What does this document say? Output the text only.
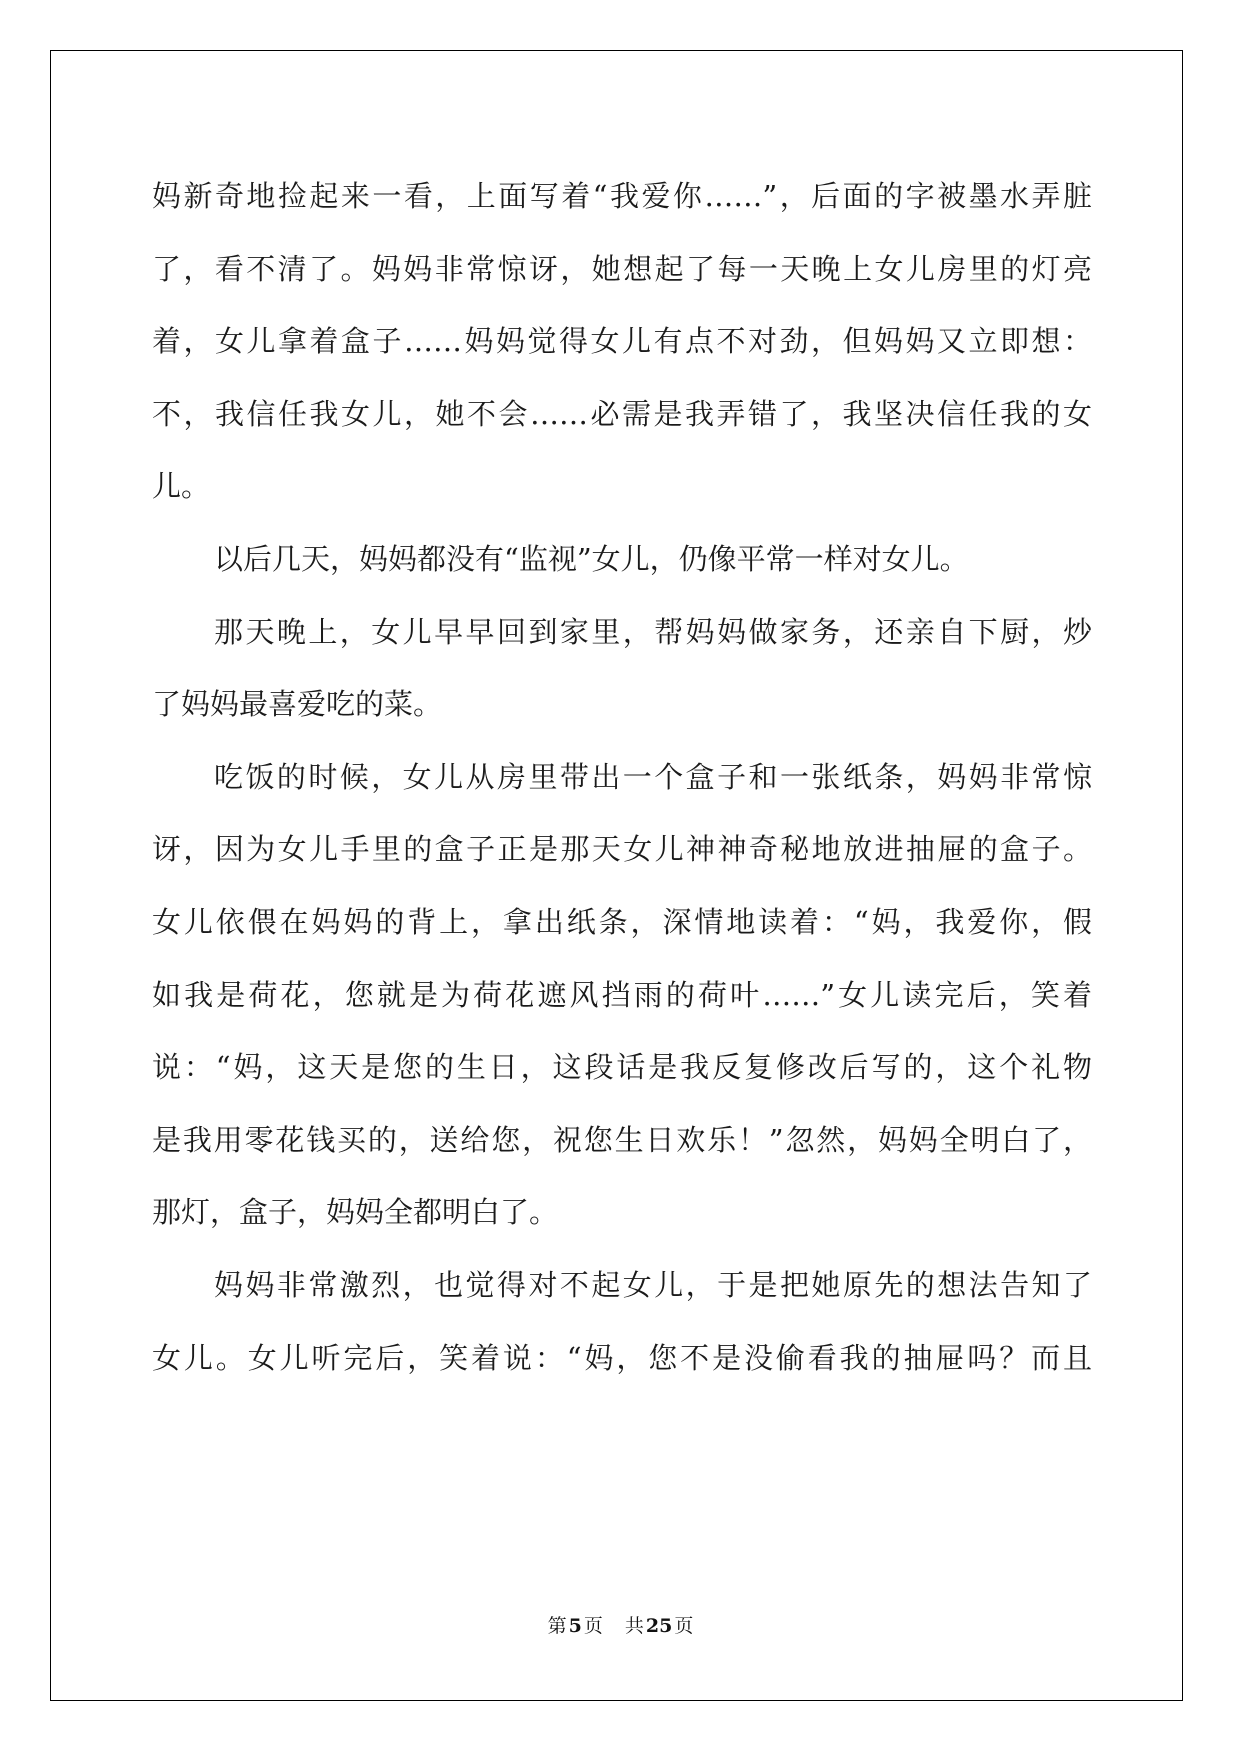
妈新奇地捡起来一看，上面写着“我爱你……”，后面的字被墨水弄脏
了，看不清了。妈妈非常惊讶，她想起了每一天晚上女儿房里的灯亮
着，女儿拿着盒子……妈妈觉得女儿有点不对劲，但妈妈又立即想：
不，我信任我女儿，她不会……必需是我弄错了，我坚决信任我的女
儿。
以后几天，妈妈都没有“监视”女儿，仍像平常一样对女儿。
那天晚上，女儿早早回到家里，帮妈妈做家务，还亲自下厨，炒
了妈妈最喜爱吃的菜。
吃饭的时候，女儿从房里带出一个盒子和一张纸条，妈妈非常惊
讶，因为女儿手里的盒子正是那天女儿神神奇秘地放进抽屉的盒子。
女儿依偎在妈妈的背上，拿出纸条，深情地读着：“妈，我爱你，假
如我是荷花，您就是为荷花遮风挡雨的荷叶……”女儿读完后，笑着
说：“妈，这天是您的生日，这段话是我反复修改后写的，这个礼物
是我用零花钱买的，送给您，祝您生日欢乐！”忽然，妈妈全明白了，
那灯，盒子，妈妈全都明白了。
妈妈非常激烈，也觉得对不起女儿，于是把她原先的想法告知了
女儿。女儿听完后，笑着说：“妈，您不是没偷看我的抽屉吗？而且
第 5 页 共 25 页
